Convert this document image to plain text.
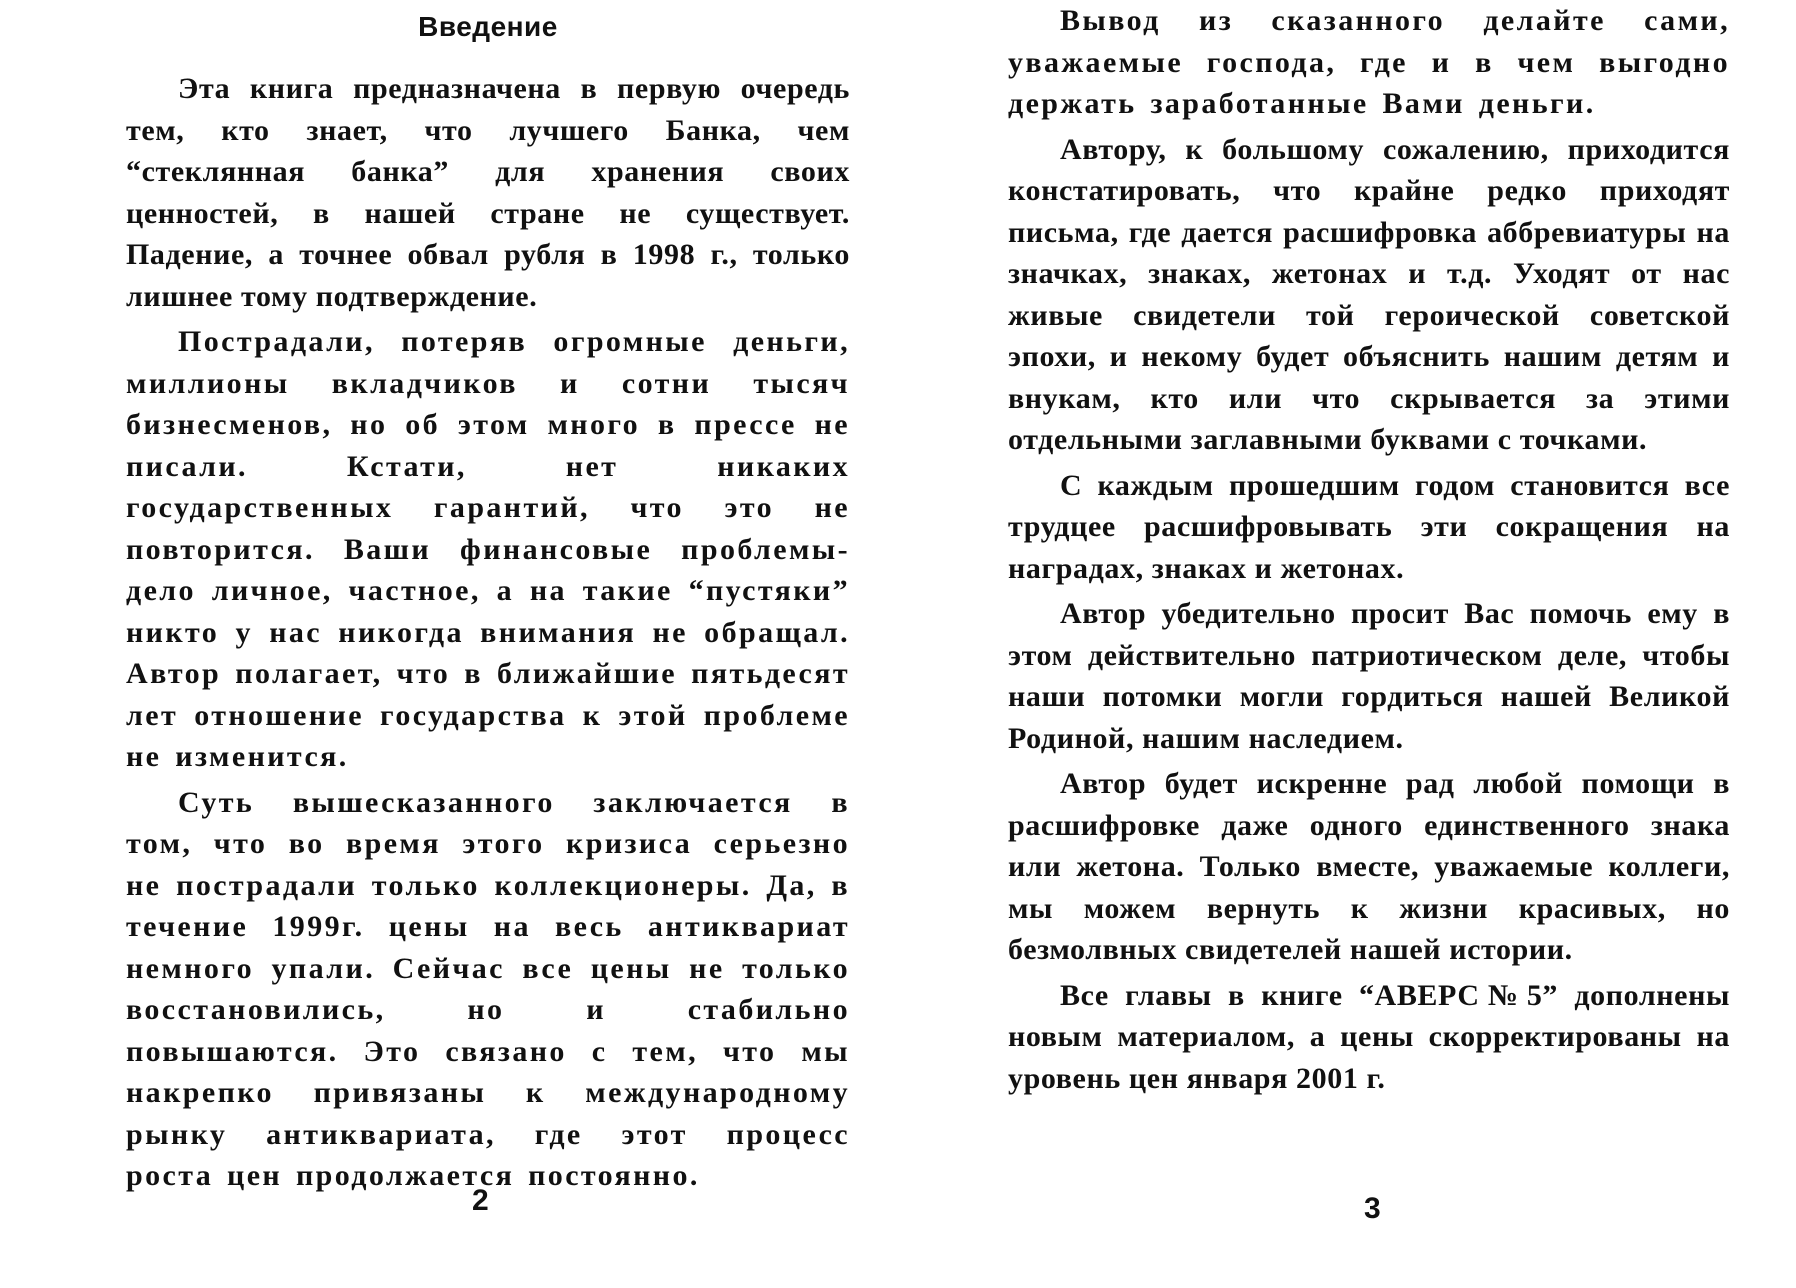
Введение

Эта книга предназначена в первую очередь тем, кто знает, что лучшего Банка, чем “стеклянная банка” для хранения своих ценностей, в нашей стране не существует. Падение, а точнее обвал рубля в 1998 г., только лишнее тому подтверждение.

Пострадали, потеряв огромные деньги, миллионы вкладчиков и сотни тысяч бизнесменов, но об этом много в прессе не писали. Кстати, нет никаких государственных гарантий, что это не повторится. Ваши финансовые проблемы-дело личное, частное, а на такие “пустяки” никто у нас никогда внимания не обращал. Автор полагает, что в ближайшие пятьдесят лет отношение государства к этой проблеме не изменится.

Суть вышесказанного заключается в том, что во время этого кризиса серьезно не пострадали только коллекционеры. Да, в течение 1999г. цены на весь антиквариат немного упали. Сейчас все цены не только восстановились, но и стабильно повышаются. Это связано с тем, что мы накрепко привязаны к международному рынку антиквариата, где этот процесс роста цен продолжается постоянно.

2

Вывод из сказанного делайте сами, уважаемые господа, где и в чем выгодно держать заработанные Вами деньги.

Автору, к большому сожалению, приходится констатировать, что крайне редко приходят письма, где дается расшифровка аббревиатуры на значках, знаках, жетонах и т.д. Уходят от нас живые свидетели той героической советской эпохи, и некому будет объяснить нашим детям и внукам, кто или что скрывается за этими отдельными заглавными буквами с точками.

С каждым прошедшим годом становится все трудцее расшифровывать эти сокращения на наградах, знаках и жетонах.

Автор убедительно просит Вас помочь ему в этом действительно патриотическом деле, чтобы наши потомки могли гордиться нашей Великой Родиной, нашим наследием.

Автор будет искренне рад любой помощи в расшифровке даже одного единственного знака или жетона. Только вместе, уважаемые коллеги, мы можем вернуть к жизни красивых, но безмолвных свидетелей нашей истории.

Все главы в книге “АВЕРС№5” дополнены новым материалом, а цены скорректированы на уровень цен января 2001 г.

3
